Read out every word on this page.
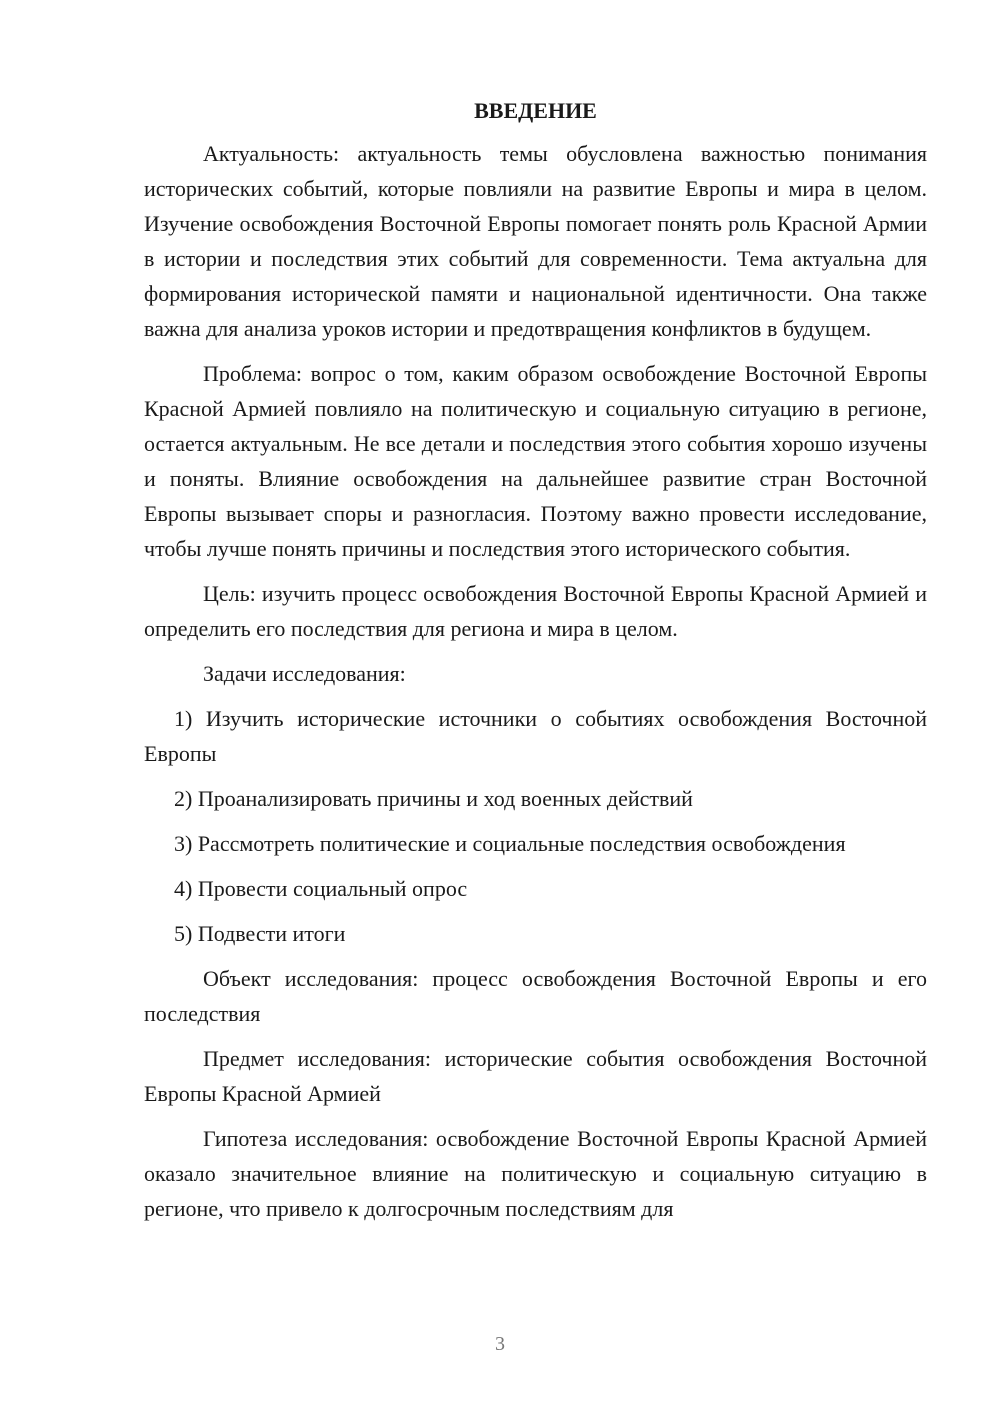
ВВЕДЕНИЕ

Актуальность: актуальность темы обусловлена важностью понимания исторических событий, которые повлияли на развитие Европы и мира в целом. Изучение освобождения Восточной Европы помогает понять роль Красной Армии в истории и последствия этих событий для современности. Тема актуальна для формирования исторической памяти и национальной идентичности. Она также важна для анализа уроков истории и предотвращения конфликтов в будущем.

Проблема: вопрос о том, каким образом освобождение Восточной Европы Красной Армией повлияло на политическую и социальную ситуацию в регионе, остается актуальным. Не все детали и последствия этого события хорошо изучены и поняты. Влияние освобождения на дальнейшее развитие стран Восточной Европы вызывает споры и разногласия. Поэтому важно провести исследование, чтобы лучше понять причины и последствия этого исторического события.

Цель: изучить процесс освобождения Восточной Европы Красной Армией и определить его последствия для региона и мира в целом.

Задачи исследования:

1) Изучить исторические источники о событиях освобождения Восточной Европы

2) Проанализировать причины и ход военных действий

3) Рассмотреть политические и социальные последствия освобождения

4) Провести социальный опрос

5) Подвести итоги

Объект исследования: процесс освобождения Восточной Европы и его последствия

Предмет исследования: исторические события освобождения Восточной Европы Красной Армией

Гипотеза исследования: освобождение Восточной Европы Красной Армией оказало значительное влияние на политическую и социальную ситуацию в регионе, что привело к долгосрочным последствиям для

3
